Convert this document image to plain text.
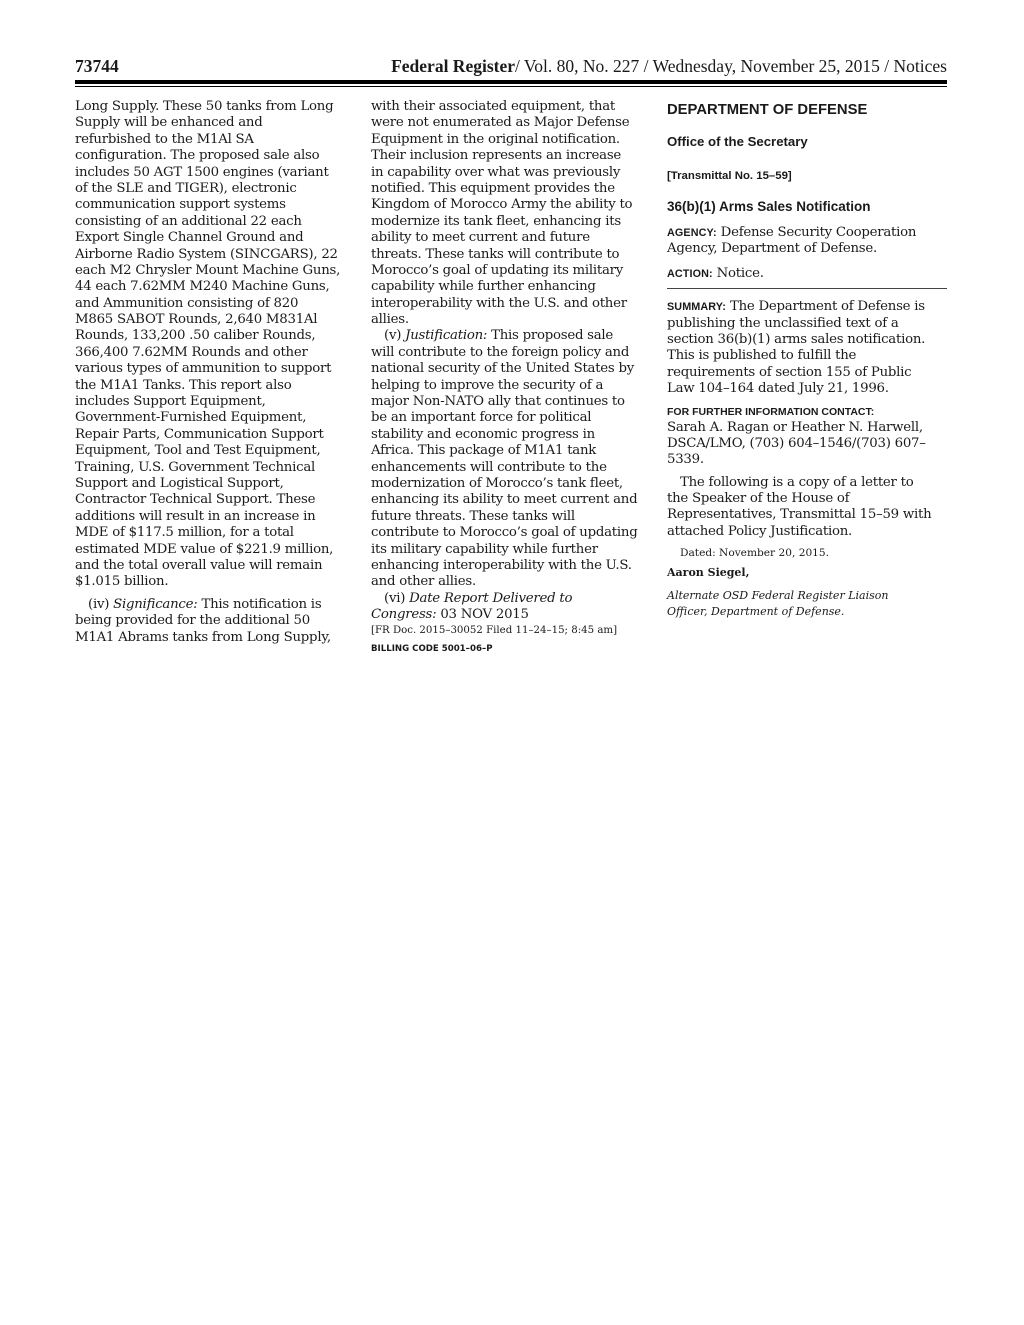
73744	Federal Register/ Vol. 80, No. 227 / Wednesday, November 25, 2015 / Notices
Long Supply. These 50 tanks from Long
Supply will be enhanced and
refurbished to the M1Al SA
configuration. The proposed sale also
includes 50 AGT 1500 engines (variant
of the SLE and TIGER), electronic
communication support systems
consisting of an additional 22 each
Export Single Channel Ground and
Airborne Radio System (SINCGARS), 22
each M2 Chrysler Mount Machine Guns,
44 each 7.62MM M240 Machine Guns,
and Ammunition consisting of 820
M865 SABOT Rounds, 2,640 M831Al
Rounds, 133,200 .50 caliber Rounds,
366,400 7.62MM Rounds and other
various types of ammunition to support
the M1A1 Tanks. This report also
includes Support Equipment,
Government-Furnished Equipment,
Repair Parts, Communication Support
Equipment, Tool and Test Equipment,
Training, U.S. Government Technical
Support and Logistical Support,
Contractor Technical Support. These
additions will result in an increase in
MDE of $117.5 million, for a total
estimated MDE value of $221.9 million,
and the total overall value will remain
$1.015 billion.
(iv) Significance: This notification is
being provided for the additional 50
M1A1 Abrams tanks from Long Supply,
with their associated equipment, that
were not enumerated as Major Defense
Equipment in the original notification.
Their inclusion represents an increase
in capability over what was previously
notified. This equipment provides the
Kingdom of Morocco Army the ability to
modernize its tank fleet, enhancing its
ability to meet current and future
threats. These tanks will contribute to
Morocco’s goal of updating its military
capability while further enhancing
interoperability with the U.S. and other
allies.
(v) Justification: This proposed sale
will contribute to the foreign policy and
national security of the United States by
helping to improve the security of a
major Non-NATO ally that continues to
be an important force for political
stability and economic progress in
Africa. This package of M1A1 tank
enhancements will contribute to the
modernization of Morocco’s tank fleet,
enhancing its ability to meet current and
future threats. These tanks will
contribute to Morocco’s goal of updating
its military capability while further
enhancing interoperability with the U.S.
and other allies.
(vi) Date Report Delivered to
Congress: 03 NOV 2015
[FR Doc. 2015–30052 Filed 11–24–15; 8:45 am]
BILLING CODE 5001–06–P
DEPARTMENT OF DEFENSE
Office of the Secretary
[Transmittal No. 15–59]
36(b)(1) Arms Sales Notification
AGENCY: Defense Security Cooperation
Agency, Department of Defense.
ACTION: Notice.
SUMMARY: The Department of Defense is
publishing the unclassified text of a
section 36(b)(1) arms sales notification.
This is published to fulfill the
requirements of section 155 of Public
Law 104–164 dated July 21, 1996.
FOR FURTHER INFORMATION CONTACT:
Sarah A. Ragan or Heather N. Harwell,
DSCA/LMO, (703) 604–1546/(703) 607–
5339.
The following is a copy of a letter to
the Speaker of the House of
Representatives, Transmittal 15–59 with
attached Policy Justification.
Dated: November 20, 2015.
Aaron Siegel,
Alternate OSD Federal Register Liaison
Officer, Department of Defense.
